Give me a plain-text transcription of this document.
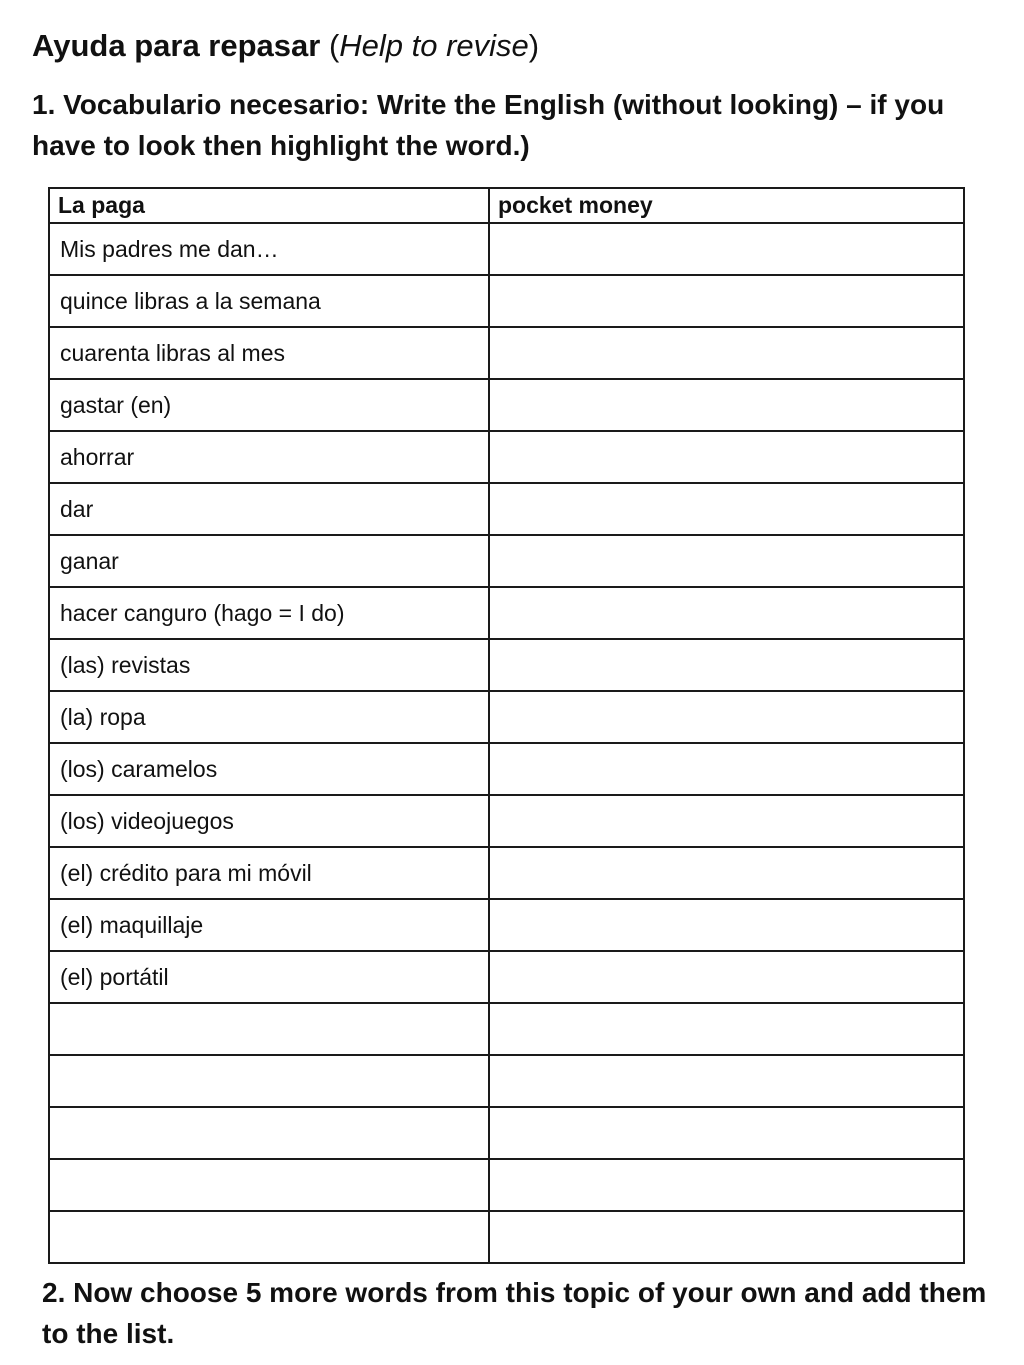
Ayuda para repasar (Help to revise)
1. Vocabulario necesario: Write the English (without looking) – if you have to look then highlight the word.)
La paga	pocket money
Mis padres me dan…	
quince libras a la semana	
cuarenta libras al mes	
gastar (en)	
ahorrar	
dar	
ganar	
hacer canguro (hago = I do)	
(las) revistas	
(la) ropa	
(los) caramelos	
(los) videojuegos	
(el) crédito para mi móvil	
(el) maquillaje	
(el) portátil	

2. Now choose 5 more words from this topic of your own and add them to the list.
